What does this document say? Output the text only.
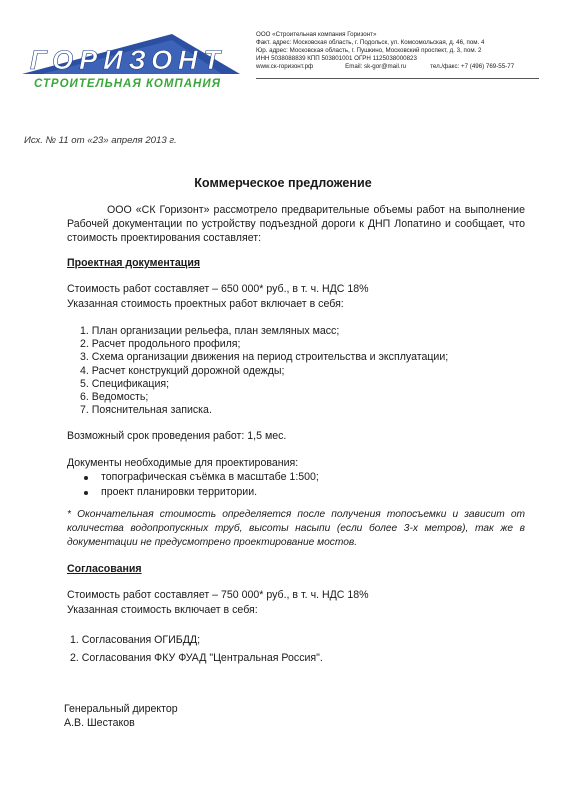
ГОРИЗОНТ
СТРОИТЕЛЬНАЯ КОМПАНИЯ
ООО «Строительная компания Горизонт»
Факт. адрес: Московская область, г. Подольск, ул. Комсомольская, д. 46, пом. 4
Юр. адрес: Московская область, г. Пушкино, Московский проспект, д. 3, пом. 2
ИНН 5038088839 КПП 503801001 ОГРН 1125038000823
www.ск-горизонт.рф	Email: sk-gor@mail.ru	тел./факс: +7 (496) 769-55-77
Исх. № 11 от «23» апреля 2013 г.
Коммерческое предложение
ООО «СК Горизонт» рассмотрело предварительные объемы работ на выполнение Рабочей документации по устройству подъездной дороги к ДНП Лопатино и сообщает, что стоимость проектирования составляет:
Проектная документация
Стоимость работ составляет – 650 000* руб., в т. ч. НДС 18%
Указанная стоимость проектных работ включает в себя:
1. План организации рельефа, план земляных масс;
2. Расчет продольного профиля;
3. Схема организации движения на период строительства и эксплуатации;
4. Расчет конструкций дорожной одежды;
5. Спецификация;
6. Ведомость;
7. Пояснительная записка.
Возможный срок проведения работ: 1,5 мес.
Документы необходимые для проектирования:
топографическая съёмка в масштабе 1:500;
проект планировки территории.
* Окончательная стоимость определяется после получения топосъемки и зависит от количества водопропускных труб, высоты насыпи (если более 3-х метров), так же в документации не предусмотрено проектирование мостов.
Согласования
Стоимость работ составляет – 750 000* руб., в т. ч. НДС 18%
Указанная стоимость включает в себя:
1. Согласования ОГИБДД;
2. Согласования ФКУ ФУАД "Центральная Россия".
Генеральный директор
А.В. Шестаков
